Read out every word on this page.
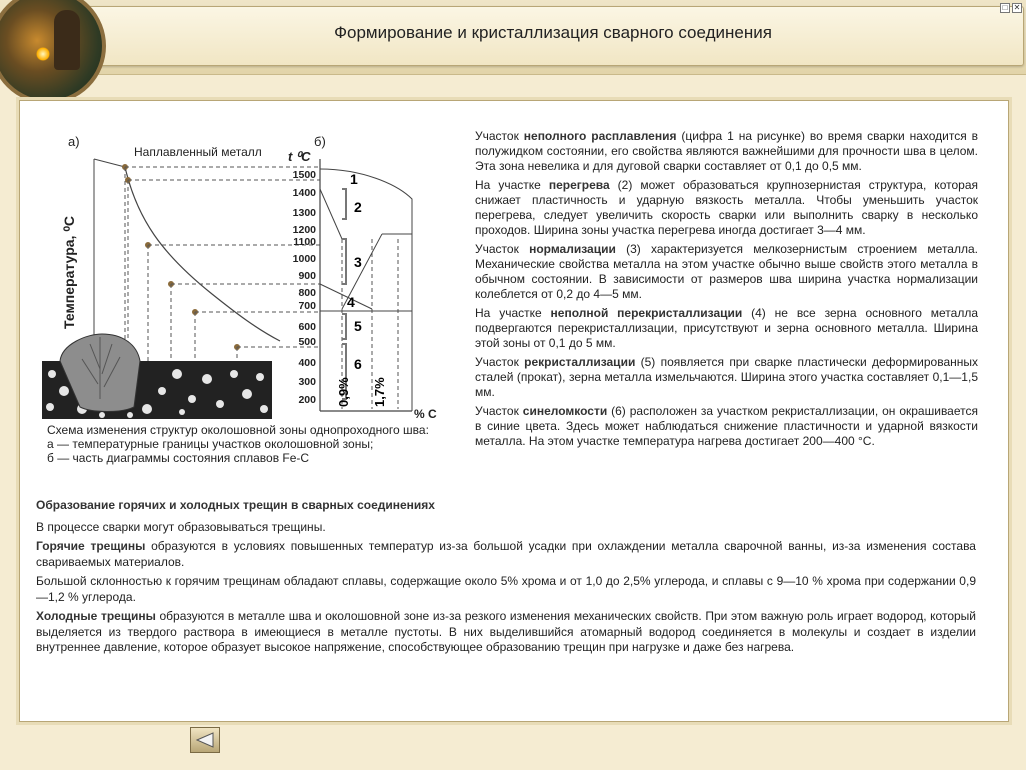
Формирование и кристаллизация сварного соединения
□ ✕
а)	б)
Наплавленный металл
Температура, ⁰С
t ⁰C
% C
1
2
3
4
5
6
0,9% 1,7%
1500
1400
1300
1200
1100
1000
900
800
700
600
500
400
300
200
Схема изменения структур околошовной зоны однопроходного шва:
а — температурные границы участков околошовной зоны;
б — часть диаграммы состояния сплавов Fe-C

Участок неполного расплавления (цифра 1 на рисунке) во время сварки находится в полужидком состоянии, его свойства являются важнейшими для прочности шва в целом. Эта зона невелика и для дуговой сварки составляет от 0,1 до 0,5 мм.

На участке перегрева (2) может образоваться крупнозернистая структура, которая снижает пластичность и ударную вязкость металла. Чтобы уменьшить участок перегрева, следует увеличить скорость сварки или выполнить сварку в несколько проходов. Ширина зоны участка перегрева иногда достигает 3—4 мм.

Участок нормализации (3) характеризуется мелкозернистым строением металла. Механические свойства металла на этом участке обычно выше свойств этого металла в обычном состоянии. В зависимости от размеров шва ширина участка нормализации колеблется от 0,2 до 4—5 мм.

На участке неполной перекристаллизации (4) не все зерна основного металла подвергаются перекристаллизации, присутствуют и зерна основного металла. Ширина этой зоны от 0,1 до 5 мм.

Участок рекристаллизации (5) появляется при сварке пластически деформированных сталей (прокат), зерна металла измельчаются. Ширина этого участка составляет 0,1—1,5 мм.

Участок синеломкости (6) расположен за участком рекристаллизации, он окрашивается в синие цвета. Здесь может наблюдаться снижение пластичности и ударной вязкости металла. На этом участке температура нагрева достигает 200—400 °С.

Образование горячих и холодных трещин в сварных соединениях

В процессе сварки могут образовываться трещины.

Горячие трещины образуются в условиях повышенных температур из-за большой усадки при охлаждении металла сварочной ванны, из-за изменения состава свариваемых материалов.

Большой склонностью к горячим трещинам обладают сплавы, содержащие около 5% хрома и от 1,0 до 2,5% углерода, и сплавы с 9—10 % хрома при содержании 0,9—1,2 % углерода.

Холодные трещины образуются в металле шва и околошовной зоне из-за резкого изменения механических свойств. При этом важную роль играет водород, который выделяется из твердого раствора в имеющиеся в металле пустоты. В них выделившийся атомарный водород соединяется в молекулы и создает в изделии внутреннее давление, которое образует высокое напряжение, способствующее образованию трещин при нагрузке и даже без нагрева.
